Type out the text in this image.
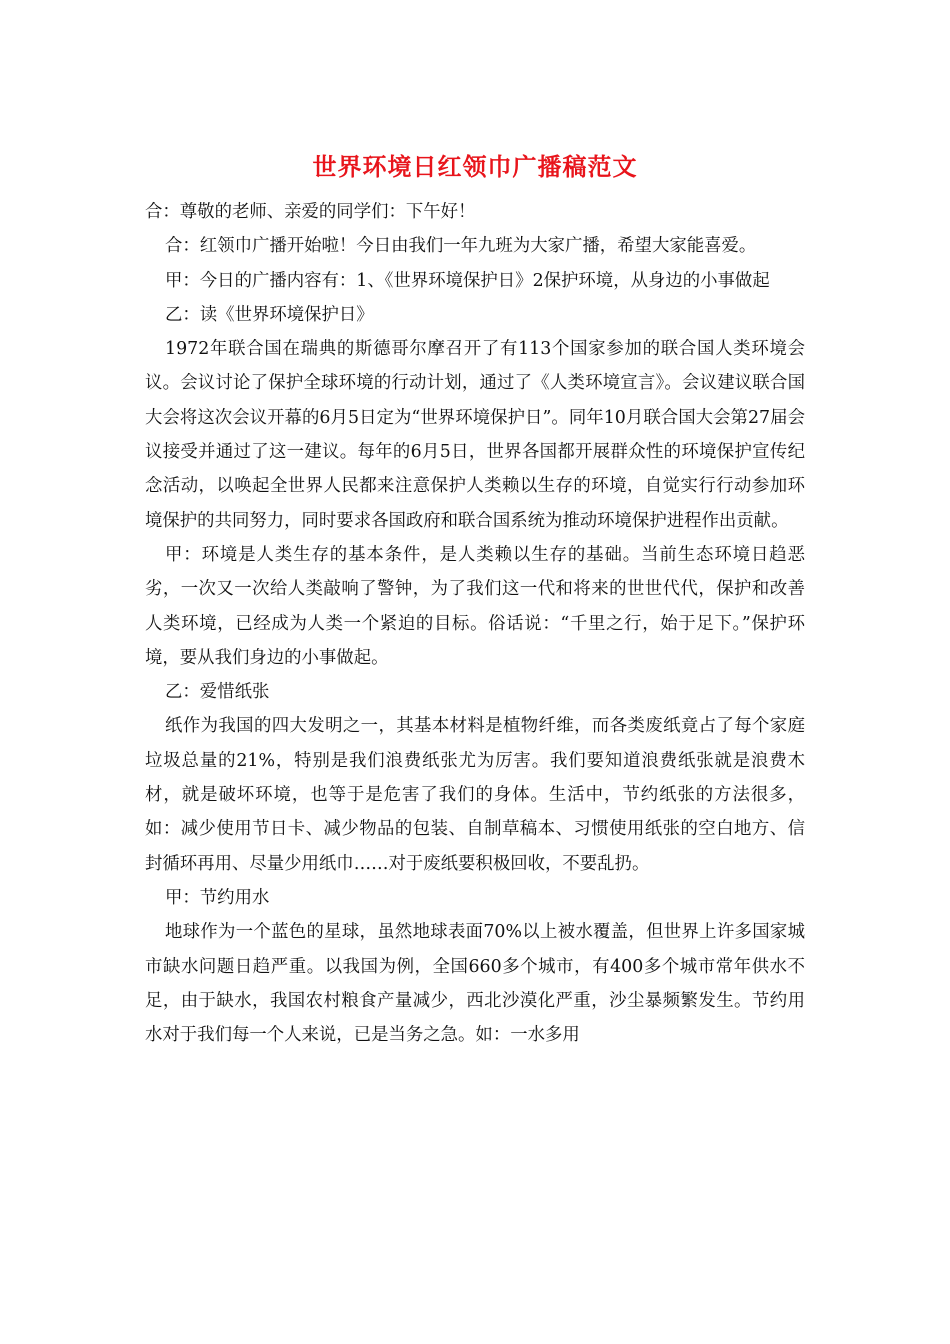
世界环境日红领巾广播稿范文

合：尊敬的老师、亲爱的同学们：下午好！

合：红领巾广播开始啦！今日由我们一年九班为大家广播，希望大家能喜爱。

甲：今日的广播内容有：1、《世界环境保护日》2保护环境，从身边的小事做起

乙：读《世界环境保护日》

1972年联合国在瑞典的斯德哥尔摩召开了有113个国家参加的联合国人类环境会议。会议讨论了保护全球环境的行动计划，通过了《人类环境宣言》。会议建议联合国大会将这次会议开幕的6月5日定为“世界环境保护日”。同年10月联合国大会第27届会议接受并通过了这一建议。每年的6月5日，世界各国都开展群众性的环境保护宣传纪念活动，以唤起全世界人民都来注意保护人类赖以生存的环境，自觉实行行动参加环境保护的共同努力，同时要求各国政府和联合国系统为推动环境保护进程作出贡献。

甲：环境是人类生存的基本条件，是人类赖以生存的基础。当前生态环境日趋恶劣，一次又一次给人类敲响了警钟，为了我们这一代和将来的世世代代，保护和改善人类环境，已经成为人类一个紧迫的目标。俗话说：“千里之行，始于足下。”保护环境，要从我们身边的小事做起。

乙：爱惜纸张

纸作为我国的四大发明之一，其基本材料是植物纤维，而各类废纸竟占了每个家庭垃圾总量的21%，特别是我们浪费纸张尤为厉害。我们要知道浪费纸张就是浪费木材，就是破坏环境，也等于是危害了我们的身体。生活中，节约纸张的方法很多，如：减少使用节日卡、减少物品的包装、自制草稿本、习惯使用纸张的空白地方、信封循环再用、尽量少用纸巾……对于废纸要积极回收，不要乱扔。

甲：节约用水

地球作为一个蓝色的星球，虽然地球表面70%以上被水覆盖，但世界上许多国家城市缺水问题日趋严重。以我国为例，全国660多个城市，有400多个城市常年供水不足，由于缺水，我国农村粮食产量减少，西北沙漠化严重，沙尘暴频繁发生。节约用水对于我们每一个人来说，已是当务之急。如：一水多用
